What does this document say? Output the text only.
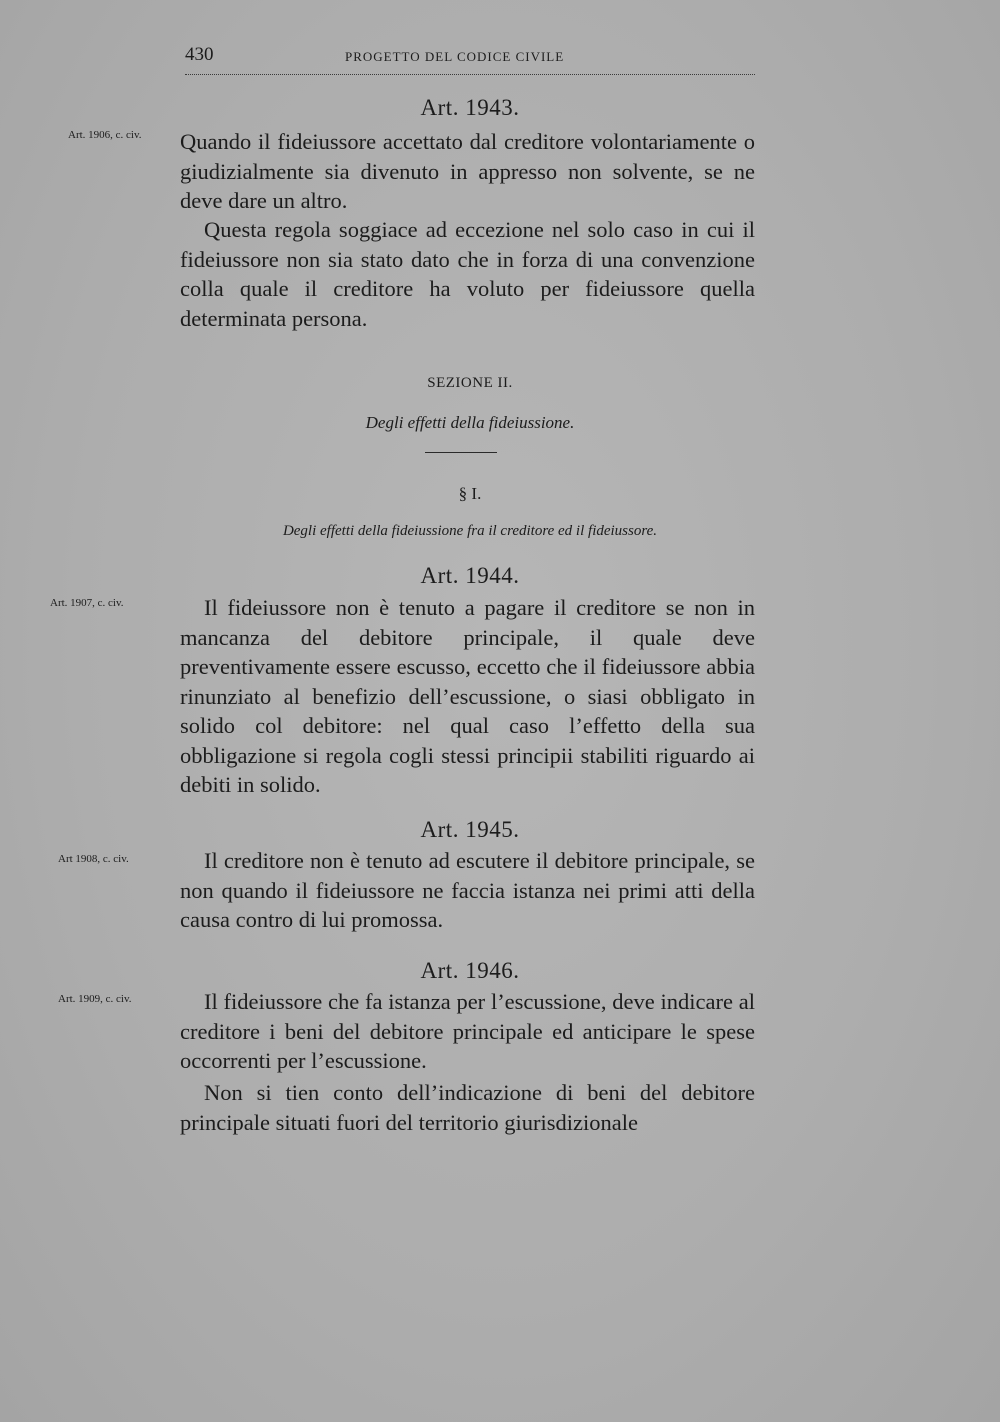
430	PROGETTO DEL CODICE CIVILE
Art. 1943.
Art. 1906, c. civ.	Quando il fideiussore accettato dal creditore volontariamente o giudizialmente sia divenuto in appresso non solvente, se ne deve dare un altro.
Questa regola soggiace ad eccezione nel solo caso in cui il fideiussore non sia stato dato che in forza di una convenzione colla quale il creditore ha voluto per fideiussore quella determinata persona.
SEZIONE II.
Degli effetti della fideiussione.
§ I.
Degli effetti della fideiussione fra il creditore ed il fideiussore.
Art. 1944.
Art. 1907, c. civ.	Il fideiussore non è tenuto a pagare il creditore se non in mancanza del debitore principale, il quale deve preventivamente essere escusso, eccetto che il fideiussore abbia rinunziato al benefizio dell’escussione, o siasi obbligato in solido col debitore: nel qual caso l’effetto della sua obbligazione si regola cogli stessi principii stabiliti riguardo ai debiti in solido.
Art. 1945.
Art 1908, c. civ.	Il creditore non è tenuto ad escutere il debitore principale, se non quando il fideiussore ne faccia istanza nei primi atti della causa contro di lui promossa.
Art. 1946.
Art. 1909, c. civ.	Il fideiussore che fa istanza per l’escussione, deve indicare al creditore i beni del debitore principale ed anticipare le spese occorrenti per l’escussione.
Non si tien conto dell’indicazione di beni del debitore principale situati fuori del territorio giurisdizionale
